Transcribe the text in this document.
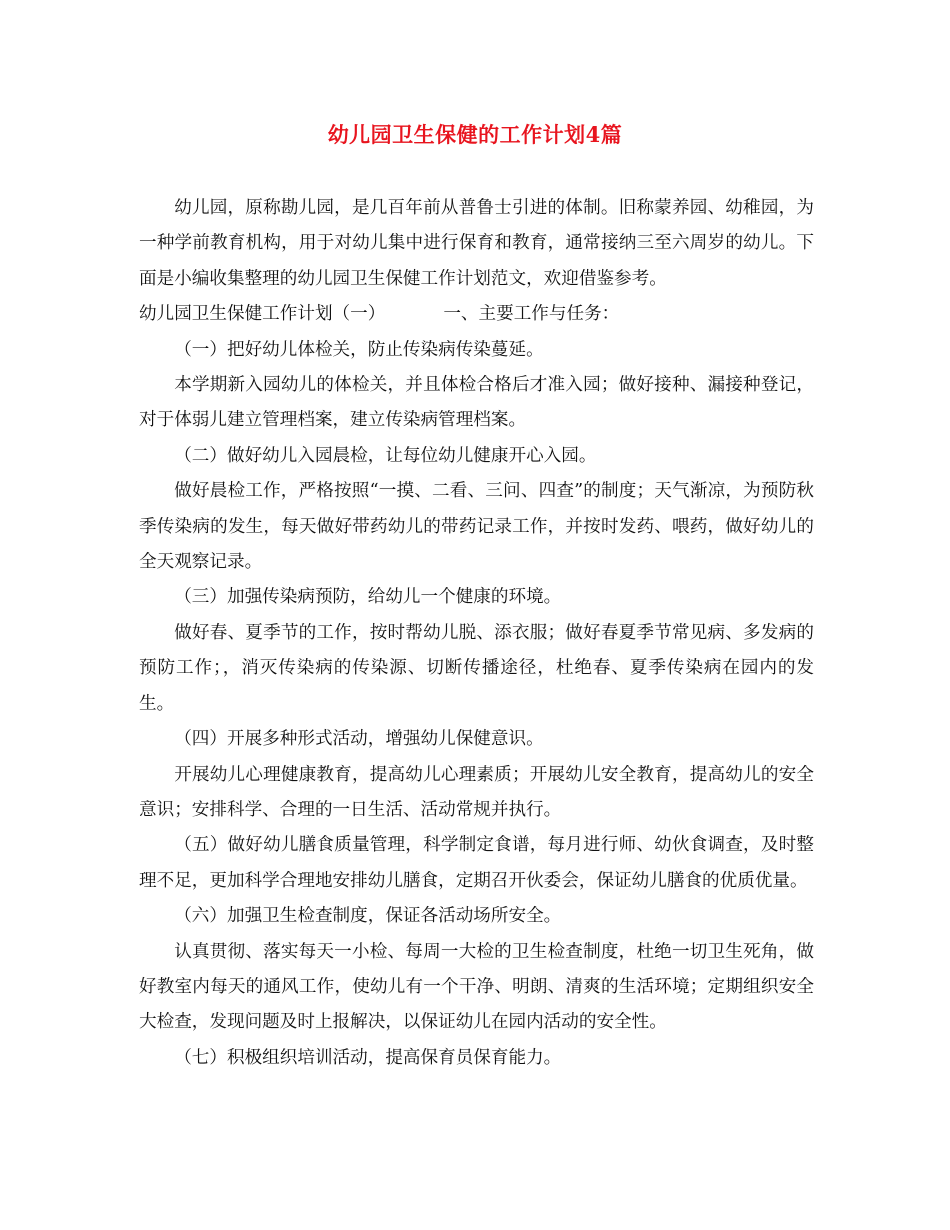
幼儿园卫生保健的工作计划4篇

幼儿园，原称勘儿园，是几百年前从普鲁士引进的体制。旧称蒙养园、幼稚园，为一种学前教育机构，用于对幼儿集中进行保育和教育，通常接纳三至六周岁的幼儿。下面是小编收集整理的幼儿园卫生保健工作计划范文，欢迎借鉴参考。

幼儿园卫生保健工作计划（一）	一、主要工作与任务：

（一）把好幼儿体检关，防止传染病传染蔓延。

本学期新入园幼儿的体检关，并且体检合格后才准入园；做好接种、漏接种登记，对于体弱儿建立管理档案，建立传染病管理档案。

（二）做好幼儿入园晨检，让每位幼儿健康开心入园。

做好晨检工作，严格按照“一摸、二看、三问、四查”的制度；天气渐凉，为预防秋季传染病的发生，每天做好带药幼儿的带药记录工作，并按时发药、喂药，做好幼儿的全天观察记录。

（三）加强传染病预防，给幼儿一个健康的环境。

做好春、夏季节的工作，按时帮幼儿脱、添衣服；做好春夏季节常见病、多发病的预防工作；，消灭传染病的传染源、切断传播途径，杜绝春、夏季传染病在园内的发生。

（四）开展多种形式活动，增强幼儿保健意识。

开展幼儿心理健康教育，提高幼儿心理素质；开展幼儿安全教育，提高幼儿的安全意识；安排科学、合理的一日生活、活动常规并执行。

（五）做好幼儿膳食质量管理，科学制定食谱，每月进行师、幼伙食调查，及时整理不足，更加科学合理地安排幼儿膳食，定期召开伙委会，保证幼儿膳食的优质优量。

（六）加强卫生检查制度，保证各活动场所安全。

认真贯彻、落实每天一小检、每周一大检的卫生检查制度，杜绝一切卫生死角，做好教室内每天的通风工作，使幼儿有一个干净、明朗、清爽的生活环境；定期组织安全大检查，发现问题及时上报解决，以保证幼儿在园内活动的安全性。

（七）积极组织培训活动，提高保育员保育能力。
